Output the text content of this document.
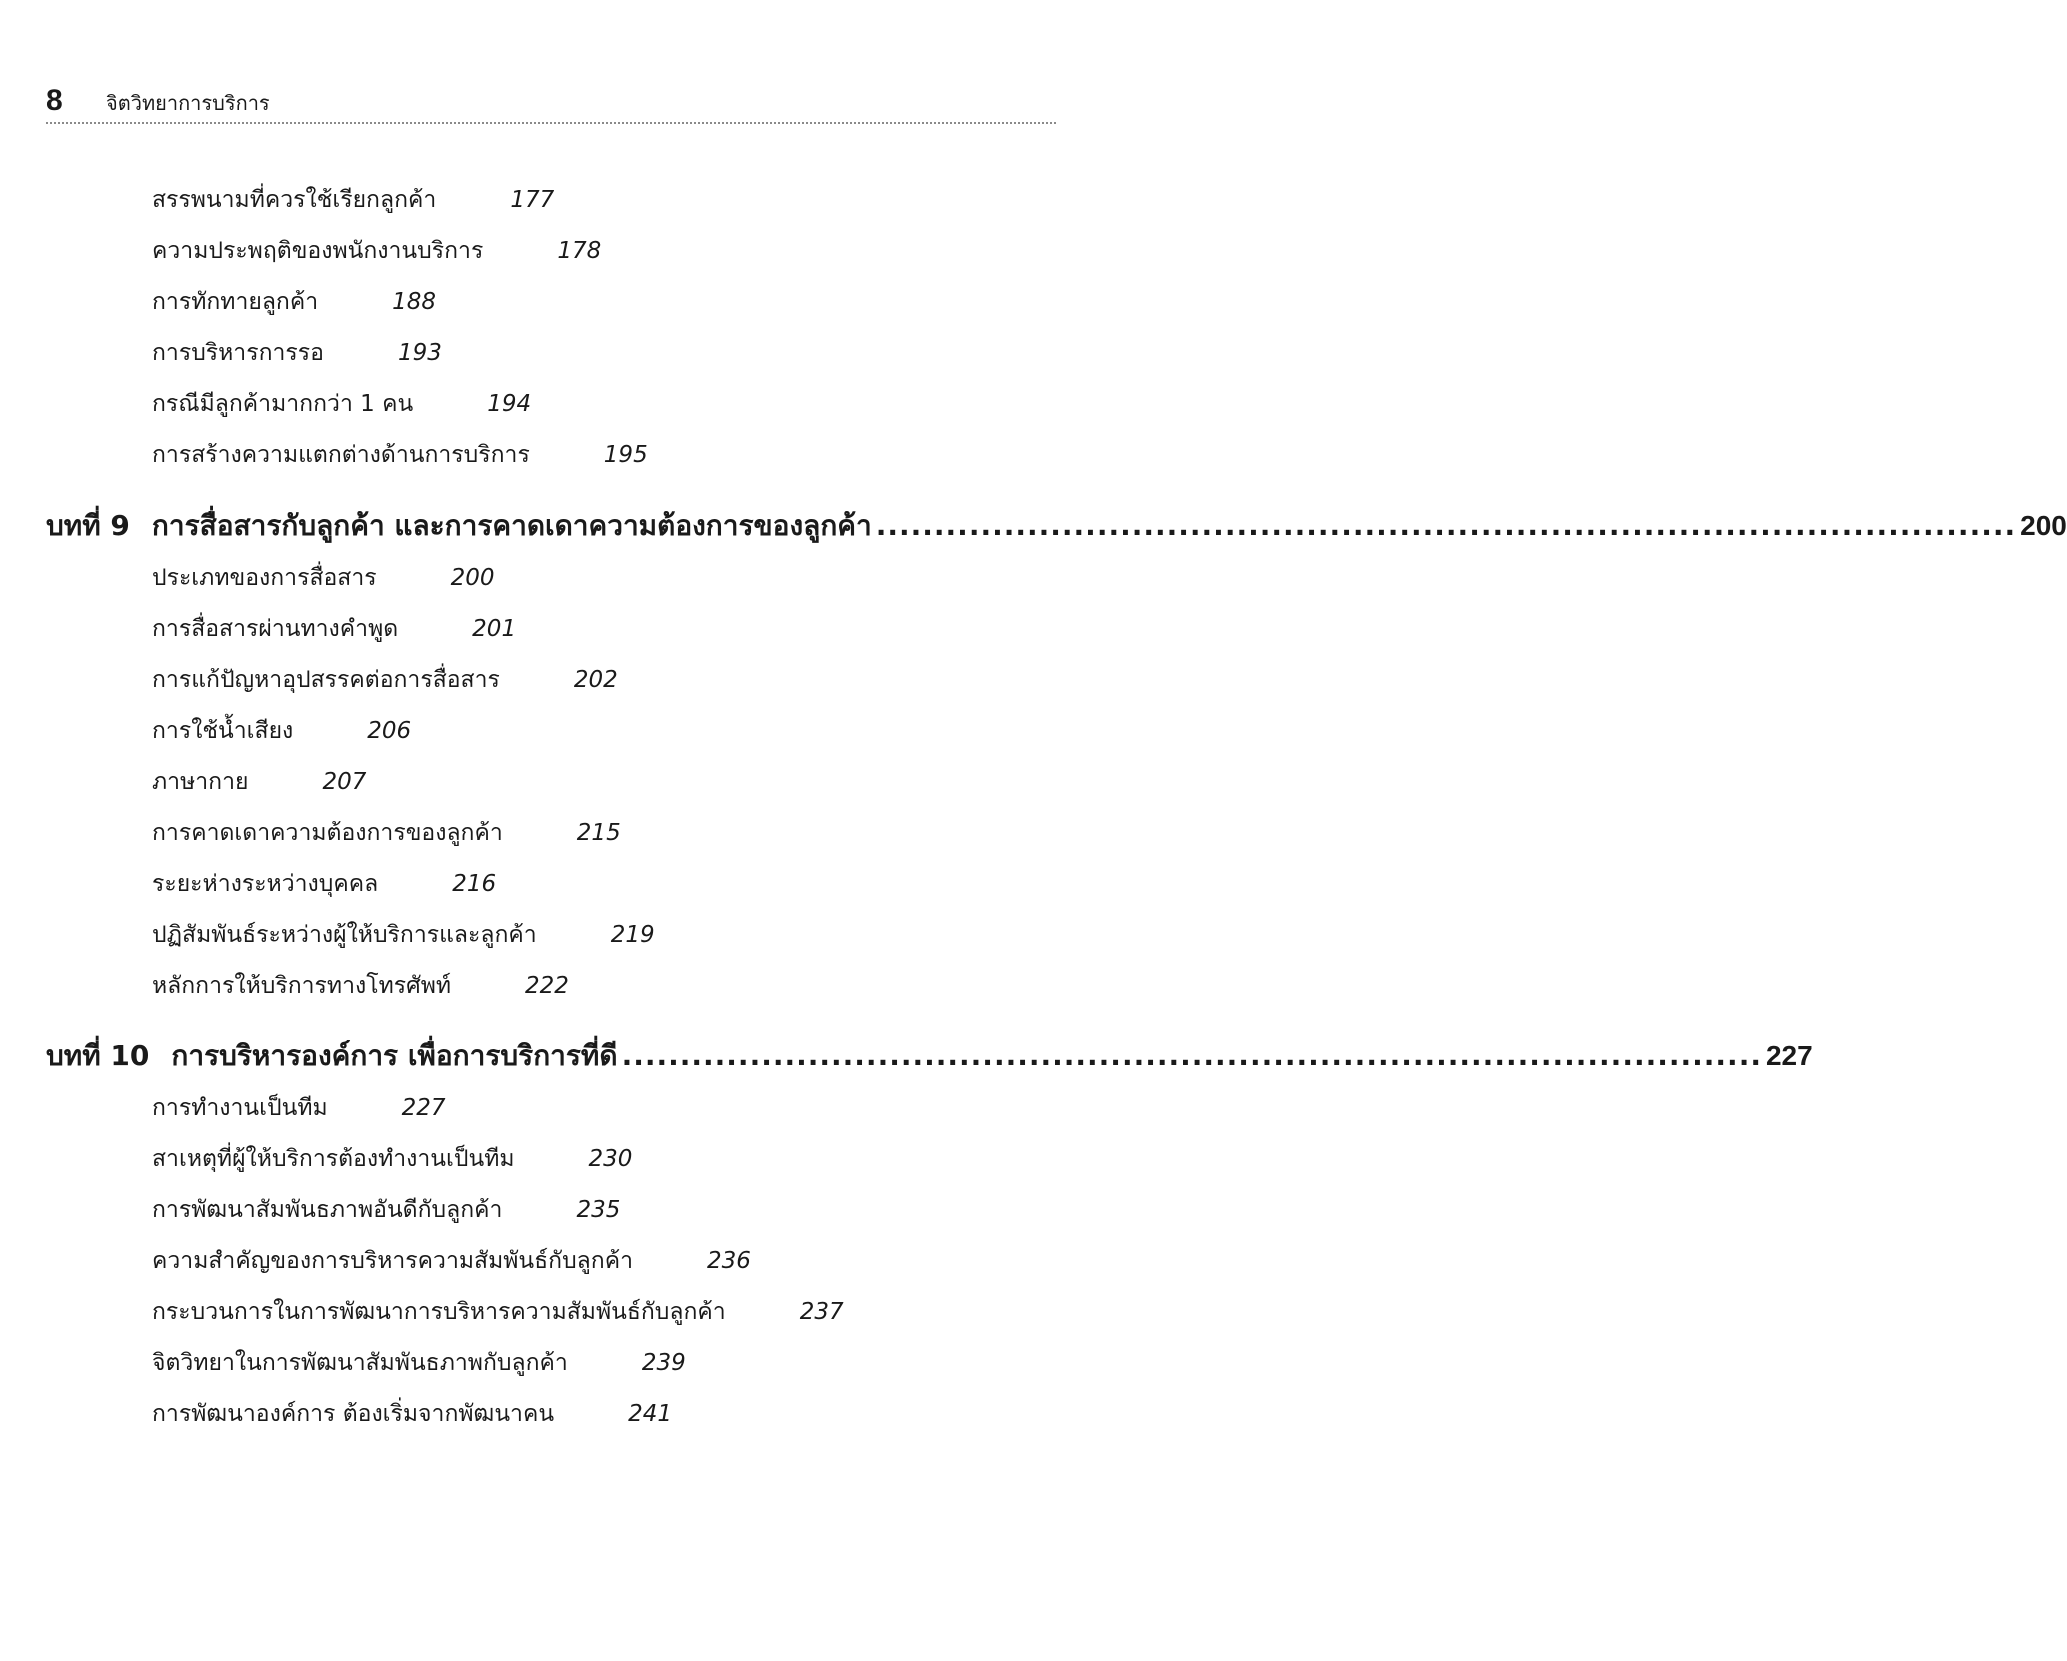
8 จิตวิทยาการบริการ
สรรพนามที่ควรใช้เรียกลูกค้า	177
ความประพฤติของพนักงานบริการ	178
การทักทายลูกค้า	188
การบริหารการรอ	193
กรณีมีลูกค้ามากกว่า 1 คน	194
การสร้างความแตกต่างด้านการบริการ	195
บทที่ 9 การสื่อสารกับลูกค้า และการคาดเดาความต้องการของลูกค้า .................................................................................................. 200
ประเภทของการสื่อสาร	200
การสื่อสารผ่านทางคำพูด	201
การแก้ปัญหาอุปสรรคต่อการสื่อสาร	202
การใช้น้ำเสียง	206
ภาษากาย	207
การคาดเดาความต้องการของลูกค้า	215
ระยะห่างระหว่างบุคคล	216
ปฏิสัมพันธ์ระหว่างผู้ให้บริการและลูกค้า	219
หลักการให้บริการทางโทรศัพท์	222
บทที่ 10 การบริหารองค์การ เพื่อการบริการที่ดี .................................................................................................. 227
การทำงานเป็นทีม	227
สาเหตุที่ผู้ให้บริการต้องทำงานเป็นทีม	230
การพัฒนาสัมพันธภาพอันดีกับลูกค้า	235
ความสำคัญของการบริหารความสัมพันธ์กับลูกค้า	236
กระบวนการในการพัฒนาการบริหารความสัมพันธ์กับลูกค้า	237
จิตวิทยาในการพัฒนาสัมพันธภาพกับลูกค้า	239
การพัฒนาองค์การ ต้องเริ่มจากพัฒนาคน	241
